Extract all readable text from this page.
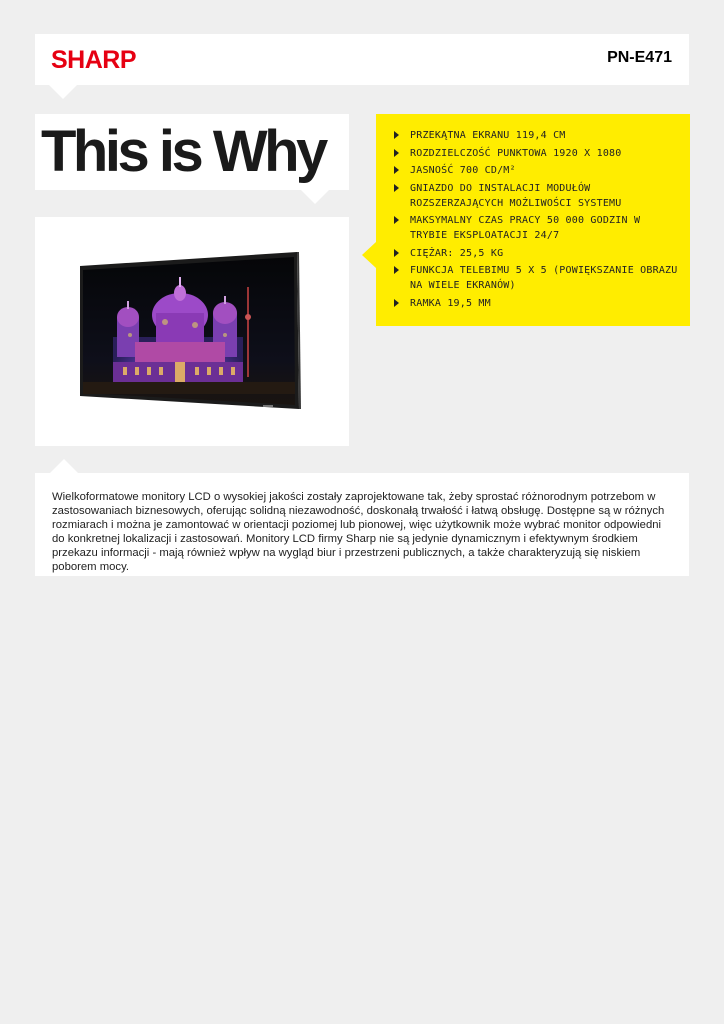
SHARP	PN-E471
This is Why	PRZEKĄTNA EKRANU 119,4 CM
ROZDZIELCZOŚĆ PUNKTOWA 1920 X 1080
JASNOŚĆ 700 CD/M²
GNIAZDO DO INSTALACJI MODUŁÓW ROZSZERZAJĄCYCH MOŻLIWOŚCI SYSTEMU
MAKSYMALNY CZAS PRACY 50 000 GODZIN W TRYBIE EKSPLOATACJI 24/7
CIĘŻAR: 25,5 KG
FUNKCJA TELEBIMU 5 X 5 (POWIĘKSZANIE OBRAZU NA WIELE EKRANÓW)
RAMKA 19,5 MM

Wielkoformatowe monitory LCD o wysokiej jakości zostały zaprojektowane tak, żeby sprostać różnorodnym potrzebom w zastosowaniach biznesowych, oferując solidną niezawodność, doskonałą trwałość i łatwą obsługę. Dostępne są w różnych rozmiarach i można je zamontować w orientacji poziomej lub pionowej, więc użytkownik może wybrać monitor odpowiedni do konkretnej lokalizacji i zastosowań. Monitory LCD firmy Sharp nie są jedynie dynamicznym i efektywnym środkiem przekazu informacji - mają również wpływ na wygląd biur i przestrzeni publicznych, a także charakteryzują się niskiem poborem mocy.
